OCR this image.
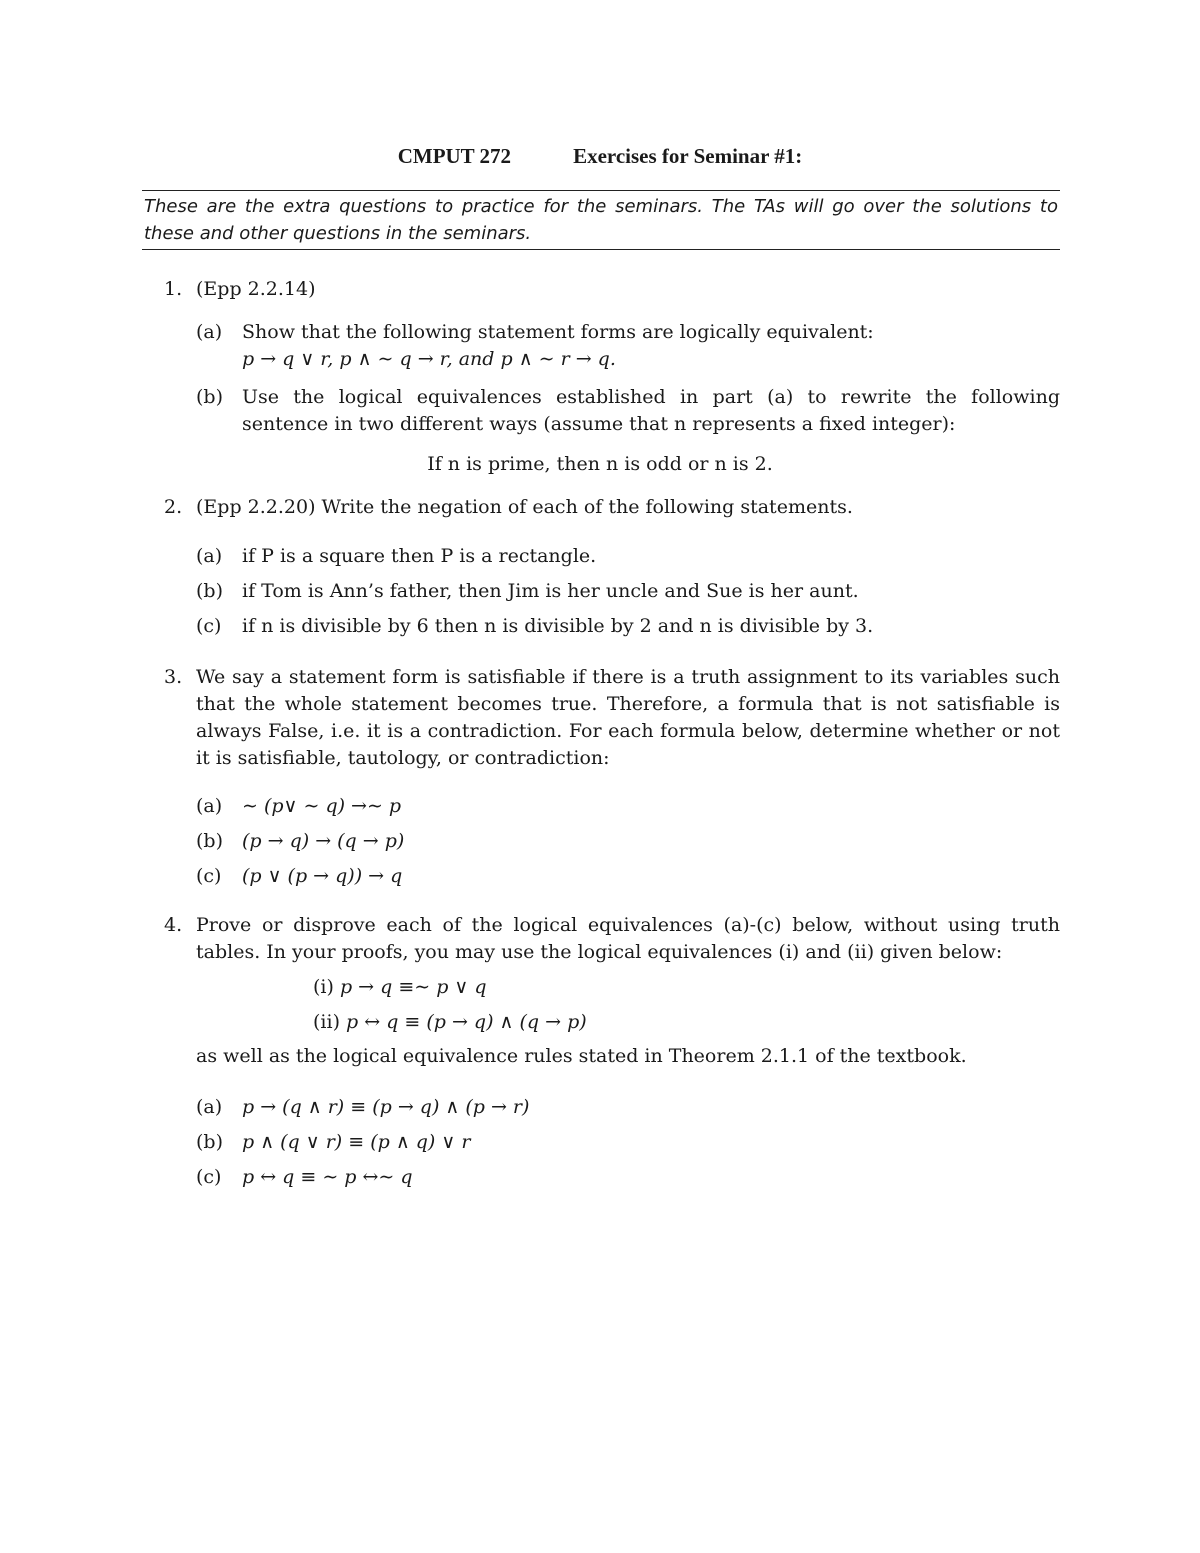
CMPUT 272	Exercises for Seminar #1:
These are the extra questions to practice for the seminars. The TAs will go over the solutions to these and other questions in the seminars.
1. (Epp 2.2.14)
(a)	Show that the following statement forms are logically equivalent:
p → q ∨ r, p ∧ ∼ q → r, and p ∧ ∼ r → q.
(b)	Use the logical equivalences established in part (a) to rewrite the following sentence in two different ways (assume that n represents a fixed integer):
If n is prime, then n is odd or n is 2.
2. (Epp 2.2.20) Write the negation of each of the following statements.
(a)	if P is a square then P is a rectangle.
(b)	if Tom is Ann’s father, then Jim is her uncle and Sue is her aunt.
(c)	if n is divisible by 6 then n is divisible by 2 and n is divisible by 3.
3. We say a statement form is satisfiable if there is a truth assignment to its variables such that the whole statement becomes true. Therefore, a formula that is not satisfiable is always False, i.e. it is a contradiction. For each formula below, determine whether or not it is satisfiable, tautology, or contradiction:
(a)	∼ (p∨ ∼ q) →∼ p
(b)	(p → q) → (q → p)
(c)	(p ∨ (p → q)) → q
4. Prove or disprove each of the logical equivalences (a)-(c) below, without using truth tables. In your proofs, you may use the logical equivalences (i) and (ii) given below:
(i) p → q ≡∼ p ∨ q
(ii) p ↔ q ≡ (p → q) ∧ (q → p)
as well as the logical equivalence rules stated in Theorem 2.1.1 of the textbook.
(a)	p → (q ∧ r) ≡ (p → q) ∧ (p → r)
(b)	p ∧ (q ∨ r) ≡ (p ∧ q) ∨ r
(c)	p ↔ q ≡ ∼ p ↔∼ q
